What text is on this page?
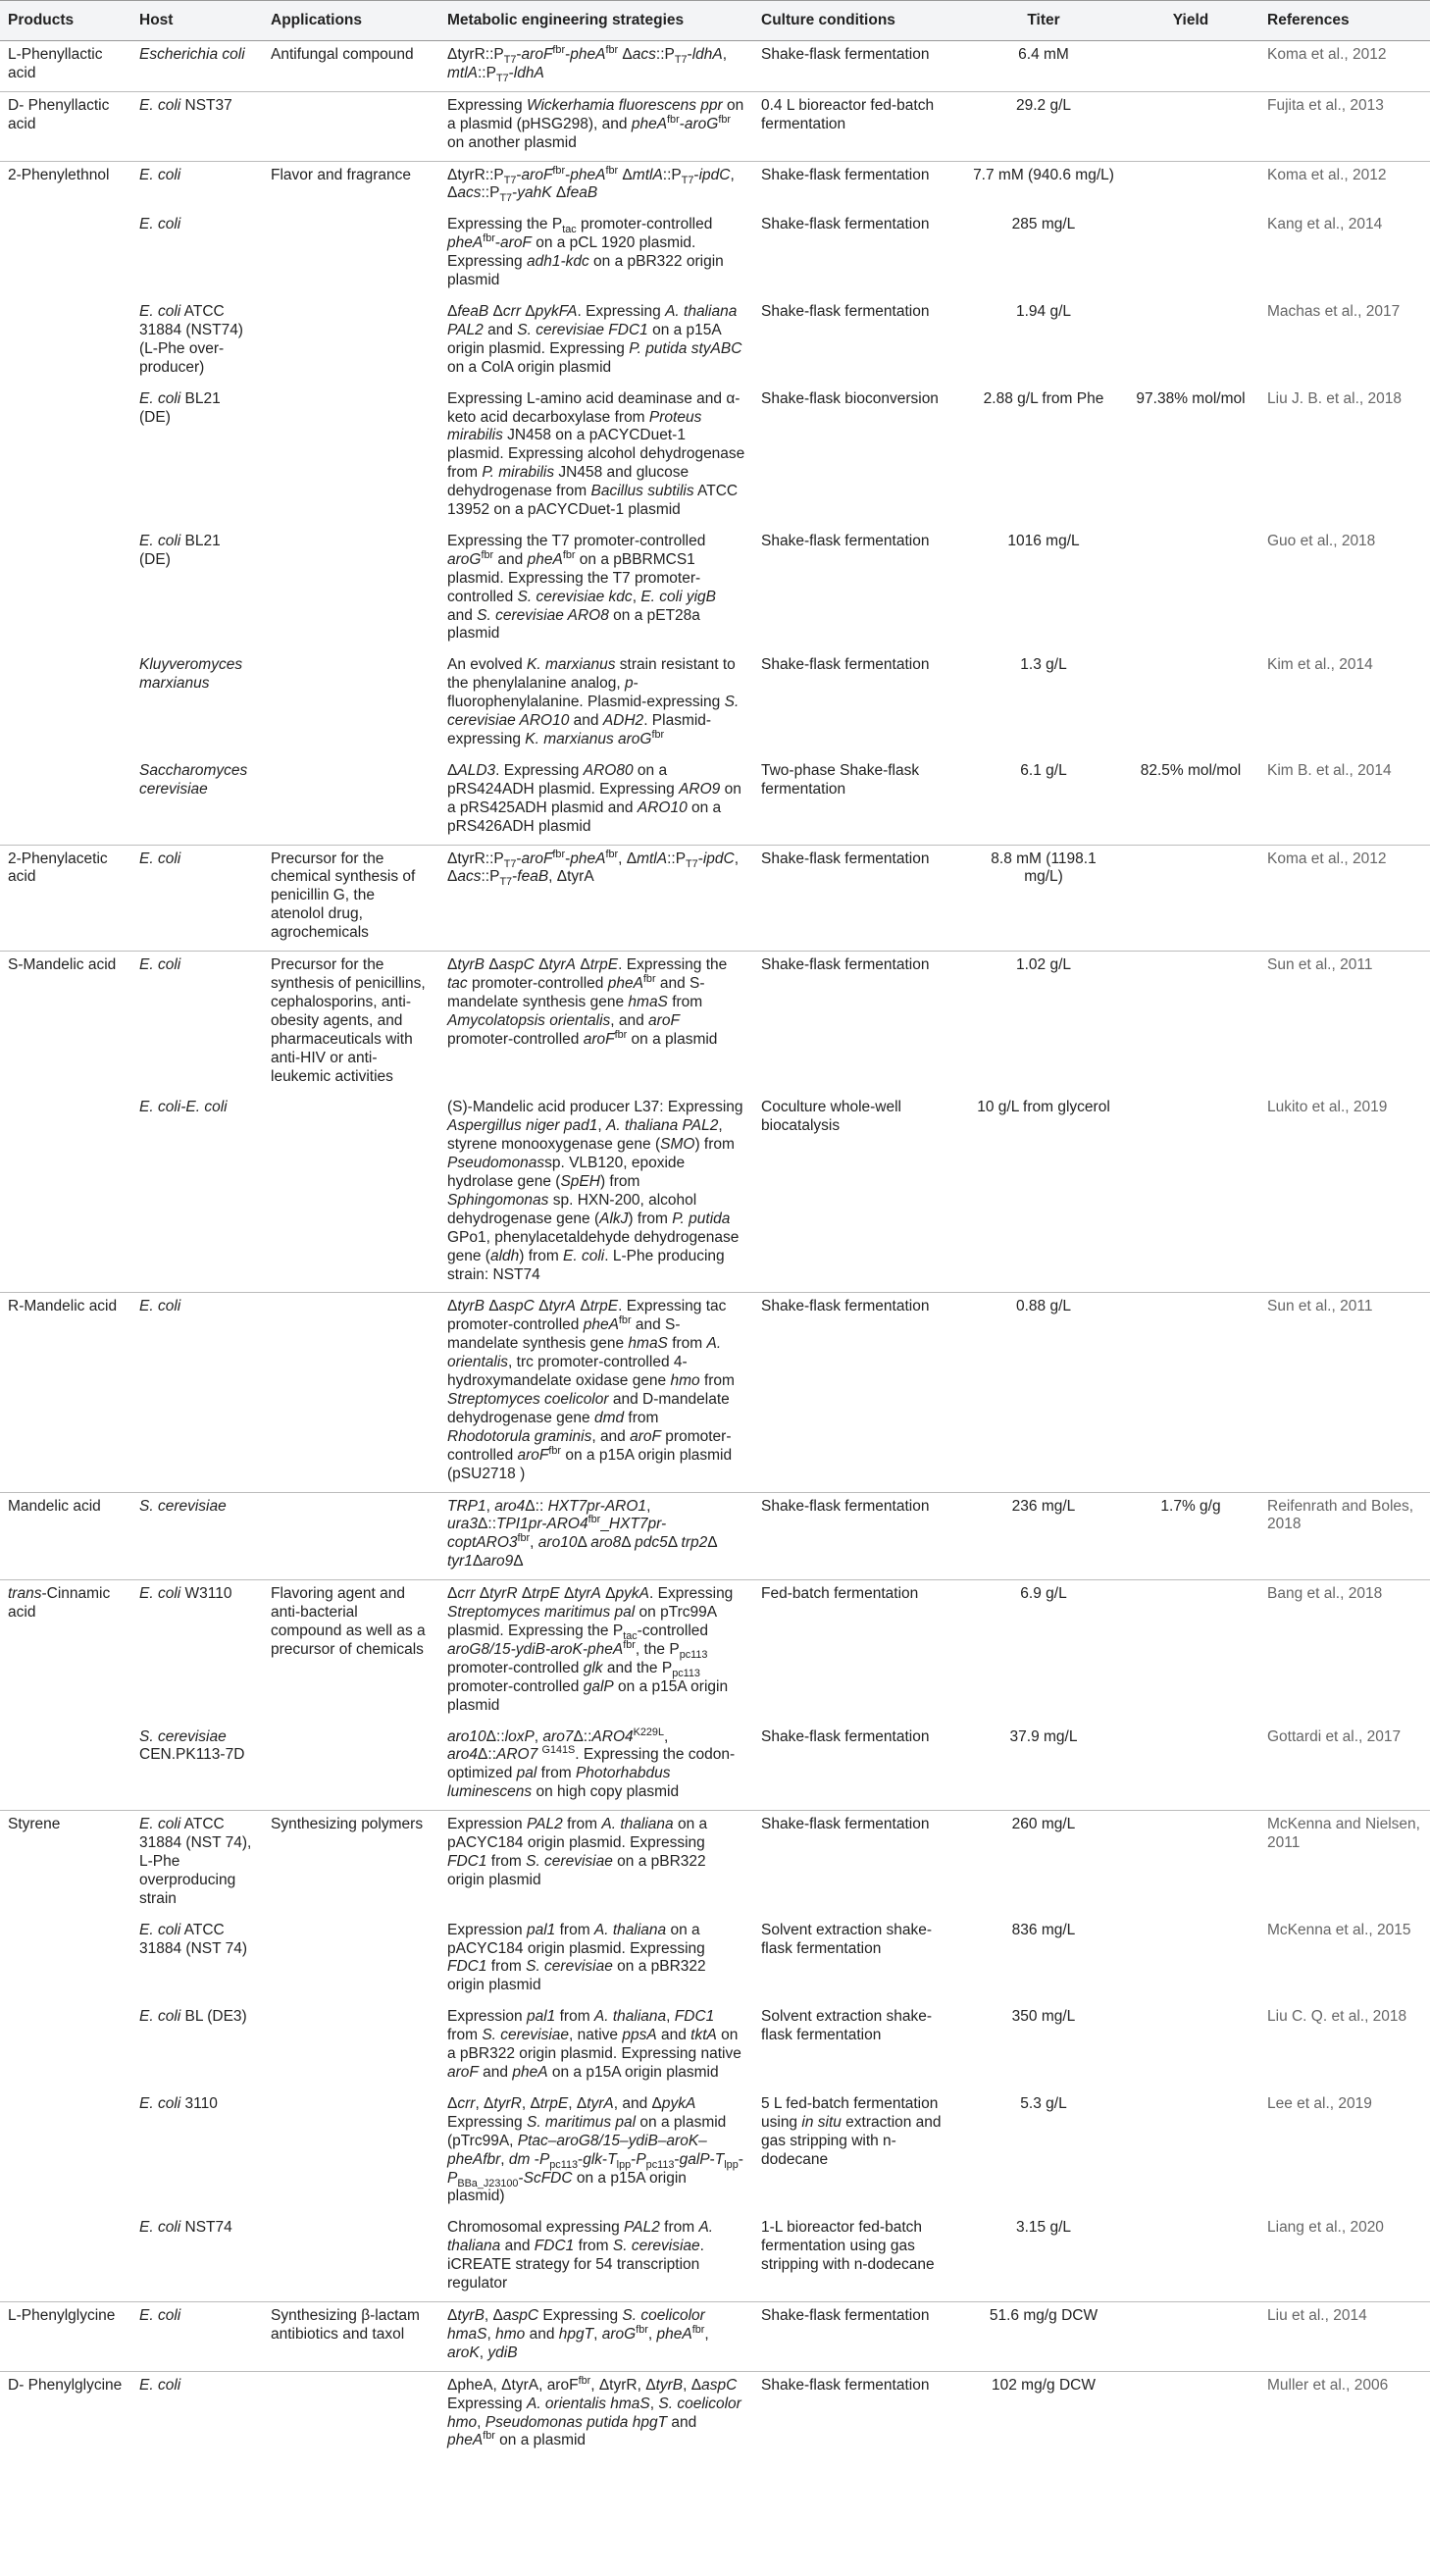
Products	Host	Applications	Metabolic engineering strategies	Culture conditions	Titer	Yield	References
L-Phenyllactic acid	Escherichia coli	Antifungal compound	$\Delta tyrR::P_{T7}-aroF^{fbr}-pheA^{fbr}$ $\Delta acs::P_{T7}$-ldhA, $mtlA::P_{T7}$-ldhA	Shake-flask fermentation	6.4 mM		Koma et al., 2012
D- Phenyllactic acid	E. coli NST37		Expressing Wickerhamia fluorescens ppr on a plasmid (pHSG298), and pheA$^{fbr}$-aroG$^{fbr}$ on another plasmid	0.4 L bioreactor fed-batch fermentation	29.2 g/L		Fujita et al., 2013
2-Phenylethnol	E. coli	Flavor and fragrance	$\Delta tyrR::P_{T7}-aroF^{fbr}-pheA^{fbr}$ $\Delta mtlA::P_{T7}$-ipdC, $\Delta acs::P_{T7}$-yahK ΔfeaB	Shake-flask fermentation	7.7 mM (940.6 mg/L)		Koma et al., 2012
	E. coli		Expressing the $P_{tac}$ promoter-controlled pheA$^{fbr}$-aroF on a pCL 1920 plasmid. Expressing adh1-kdc on a pBR322 origin plasmid	Shake-flask fermentation	285 mg/L		Kang et al., 2014
	E. coli ATCC 31884 (NST74) (L-Phe over-producer)		ΔfeaB Δcrr ΔpykFA. Expressing A. thaliana PAL2 and S. cerevisiae FDC1 on a p15A origin plasmid. Expressing P. putida styABC on a ColA origin plasmid	Shake-flask fermentation	1.94 g/L		Machas et al., 2017
	E. coli BL21 (DE)		Expressing L-amino acid deaminase and α-keto acid decarboxylase from Proteus mirabilis JN458 on a pACYCDuet-1 plasmid. Expressing alcohol dehydrogenase from P. mirabilis JN458 and glucose dehydrogenase from Bacillus subtilis ATCC 13952 on a pACYCDuet-1 plasmid	Shake-flask bioconversion	2.88 g/L from Phe	97.38% mol/mol	Liu J. B. et al., 2018
	E. coli BL21 (DE)		Expressing the T7 promoter-controlled aroG$^{fbr}$ and pheA$^{fbr}$ on a pBBRMCS1 plasmid. Expressing the T7 promoter-controlled S. cerevisiae kdc, E. coli yigB and S. cerevisiae ARO8 on a pET28a plasmid	Shake-flask fermentation	1016 mg/L		Guo et al., 2018
	Kluyveromyces marxianus		An evolved K. marxianus strain resistant to the phenylalanine analog, p-fluorophenylalanine. Plasmid-expressing S. cerevisiae ARO10 and ADH2. Plasmid-expressing K. marxianus aroG$^{fbr}$	Shake-flask fermentation	1.3 g/L		Kim et al., 2014
	Saccharomyces cerevisiae		ΔALD3. Expressing ARO80 on a pRS424ADH plasmid. Expressing ARO9 on a pRS425ADH plasmid and ARO10 on a pRS426ADH plasmid	Two-phase Shake-flask fermentation	6.1 g/L	82.5% mol/mol	Kim B. et al., 2014
2-Phenylacetic acid	E. coli	Precursor for the chemical synthesis of penicillin G, the atenolol drug, agrochemicals	$\Delta tyrR::P_{T7}-aroF^{fbr}-pheA^{fbr}$, $\Delta mtlA::P_{T7}$-ipdC, $\Delta acs::P_{T7}$-feaB, ΔtyrA	Shake-flask fermentation	8.8 mM (1198.1 mg/L)		Koma et al., 2012
S-Mandelic acid	E. coli	Precursor for the synthesis of penicillins, cephalosporins, anti-obesity agents, and pharmaceuticals with anti-HIV or anti-leukemic activities	ΔtyrB ΔaspC ΔtyrA ΔtrpE. Expressing the tac promoter-controlled pheA$^{fbr}$ and S-mandelate synthesis gene hmaS from Amycolatopsis orientalis, and aroF promoter-controlled aroF$^{fbr}$ on a plasmid	Shake-flask fermentation	1.02 g/L		Sun et al., 2011
	E. coli-E. coli		(S)-Mandelic acid producer L37: Expressing Aspergillus niger pad1, A. thaliana PAL2, styrene monooxygenase gene (SMO) from Pseudomonassp. VLB120, epoxide hydrolase gene (SpEH) from Sphingomonas sp. HXN-200, alcohol dehydrogenase gene (AlkJ) from P. putida GPo1, phenylacetaldehyde dehydrogenase gene (aldh) from E. coli. L-Phe producing strain: NST74	Coculture whole-well biocatalysis	10 g/L from glycerol		Lukito et al., 2019
R-Mandelic acid	E. coli		ΔtyrB ΔaspC ΔtyrA ΔtrpE. Expressing tac promoter-controlled pheA$^{fbr}$ and S-mandelate synthesis gene hmaS from A. orientalis, trc promoter-controlled 4-hydroxymandelate oxidase gene hmo from Streptomyces coelicolor and D-mandelate dehydrogenase gene dmd from Rhodotorula graminis, and aroF promoter-controlled aroF$^{fbr}$ on a p15A origin plasmid (pSU2718 )	Shake-flask fermentation	0.88 g/L		Sun et al., 2011
Mandelic acid	S. cerevisiae		TRP1, aro4Δ:: HXT7pr-ARO1, $ura3\Delta::TPI1pr-ARO4^{fbr}\_HXT7pr-coptARO3^{fbr}$, aro10Δ aro8Δ pdc5Δ trp2Δ tyr1Δaro9Δ	Shake-flask fermentation	236 mg/L	1.7% g/g	Reifenrath and Boles, 2018
trans-Cinnamic acid	E. coli W3110	Flavoring agent and anti-bacterial compound as well as a precursor of chemicals	Δcrr ΔtyrR ΔtrpE ΔtyrA ΔpykA. Expressing Streptomyces maritimus pal on pTrc99A plasmid. Expressing the $P_{tac}$-controlled aroG8/15-ydiB-aroK-pheA$^{fbr}$, the $P_{pc113}$ promoter-controlled glk and the $P_{pc113}$ promoter-controlled galP on a p15A origin plasmid	Fed-batch fermentation	6.9 g/L		Bang et al., 2018
	S. cerevisiae CEN.PK113-7D		aro10Δ::loxP, $aro7\Delta::ARO4^{K229L}$, aro4Δ::ARO7 $^{G141S}$. Expressing the codon-optimized pal from Photorhabdus luminescens on high copy plasmid	Shake-flask fermentation	37.9 mg/L		Gottardi et al., 2017
Styrene	E. coli ATCC 31884 (NST 74), L-Phe overproducing strain	Synthesizing polymers	Expression PAL2 from A. thaliana on a pACYC184 origin plasmid. Expressing FDC1 from S. cerevisiae on a pBR322 origin plasmid	Shake-flask fermentation	260 mg/L		McKenna and Nielsen, 2011
	E. coli ATCC 31884 (NST 74)		Expression pal1 from A. thaliana on a pACYC184 origin plasmid. Expressing FDC1 from S. cerevisiae on a pBR322 origin plasmid	Solvent extraction shake-flask fermentation	836 mg/L		McKenna et al., 2015
	E. coli BL (DE3)		Expression pal1 from A. thaliana, FDC1 from S. cerevisiae, native ppsA and tktA on a pBR322 origin plasmid. Expressing native aroF and pheA on a p15A origin plasmid	Solvent extraction shake-flask fermentation	350 mg/L		Liu C. Q. et al., 2018
	E. coli 3110		Δcrr, ΔtyrR, ΔtrpE, ΔtyrA, and ΔpykA Expressing S. maritimus pal on a plasmid (pTrc99A, Ptac–aroG8/15–ydiB–aroK–pheAfbr, dm $-P_{pc113}-glk-T_{lpp}-P_{pc113}-galP-T_{lpp}-P_{BBa\_J23100}$-ScFDC on a p15A origin plasmid)	5 L fed-batch fermentation using in situ extraction and gas stripping with n-dodecane	5.3 g/L		Lee et al., 2019
	E. coli NST74		Chromosomal expressing PAL2 from A. thaliana and FDC1 from S. cerevisiae. iCREATE strategy for 54 transcription regulator	1-L bioreactor fed-batch fermentation using gas stripping with n-dodecane	3.15 g/L		Liang et al., 2020
L-Phenylglycine	E. coli	Synthesizing β-lactam antibiotics and taxol	ΔtyrB, ΔaspC Expressing S. coelicolor hmaS, hmo and hpgT, aroG$^{fbr}$, pheA$^{fbr}$, aroK, ydiB	Shake-flask fermentation	51.6 mg/g DCW		Liu et al., 2014
D- Phenylglycine	E. coli		ΔpheA, ΔtyrA, aroF$^{fbr}$, ΔtyrR, ΔtyrB, ΔaspC Expressing A. orientalis hmaS, S. coelicolor hmo, Pseudomonas putida hpgT and pheA$^{fbr}$ on a plasmid	Shake-flask fermentation	102 mg/g DCW		Muller et al., 2006
